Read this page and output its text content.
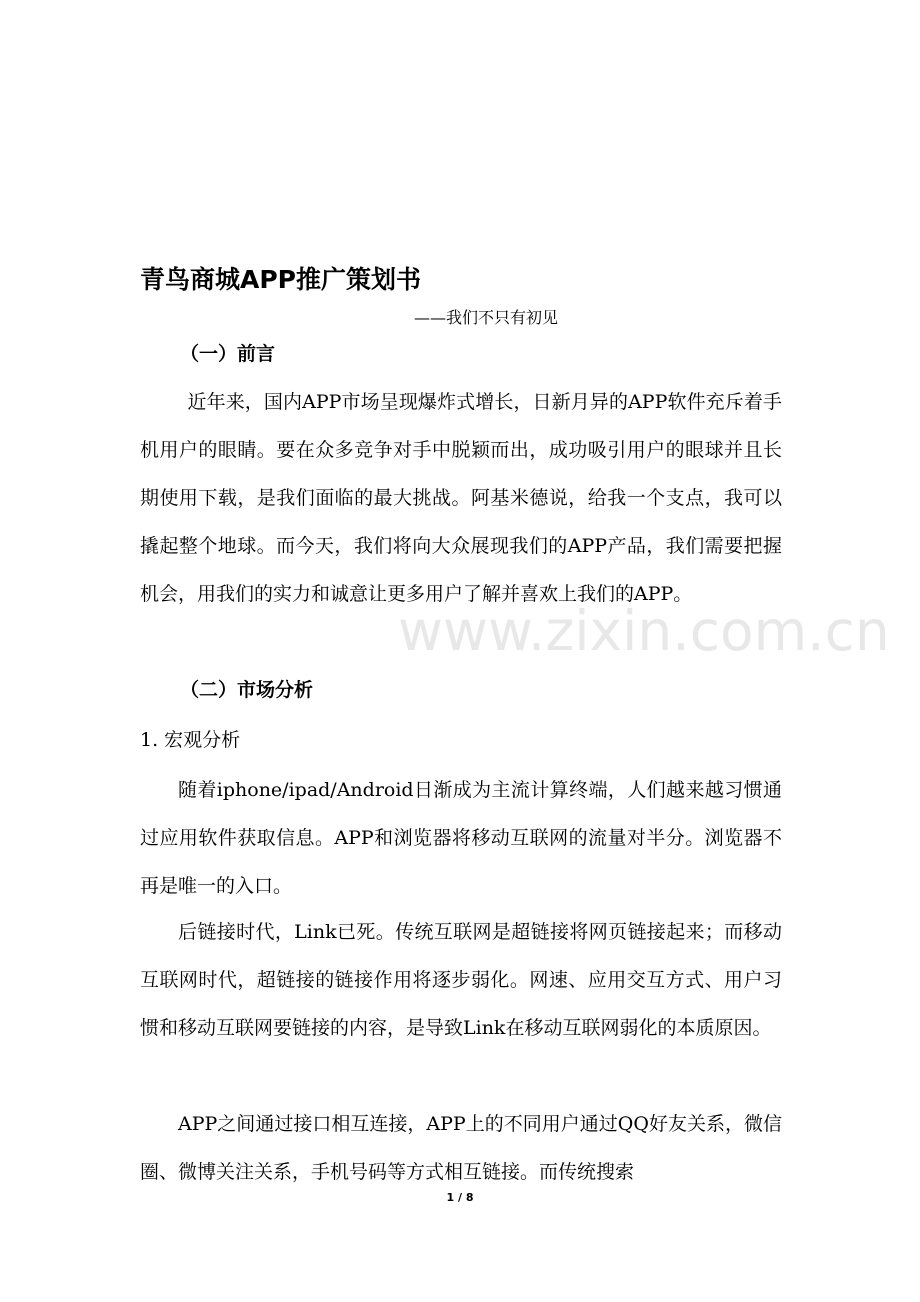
青鸟商城APP推广策划书
——我们不只有初见
（一）前言

近年来，国内APP市场呈现爆炸式增长，日新月异的APP软件充斥着手机用户的眼睛。要在众多竞争对手中脱颖而出，成功吸引用户的眼球并且长期使用下载，是我们面临的最大挑战。阿基米德说，给我一个支点，我可以撬起整个地球。而今天，我们将向大众展现我们的APP产品，我们需要把握机会，用我们的实力和诚意让更多用户了解并喜欢上我们的APP。

www.zixin.com.cn
（二）市场分析
1. 宏观分析

随着iphone/ipad/Android日渐成为主流计算终端，人们越来越习惯通过应用软件获取信息。APP和浏览器将移动互联网的流量对半分。浏览器不再是唯一的入口。

后链接时代，Link已死。传统互联网是超链接将网页链接起来；而移动互联网时代，超链接的链接作用将逐步弱化。网速、应用交互方式、用户习惯和移动互联网要链接的内容，是导致Link在移动互联网弱化的本质原因。

APP之间通过接口相互连接，APP上的不同用户通过QQ好友关系，微信圈、微博关注关系，手机号码等方式相互链接。而传统搜索

1 / 8
